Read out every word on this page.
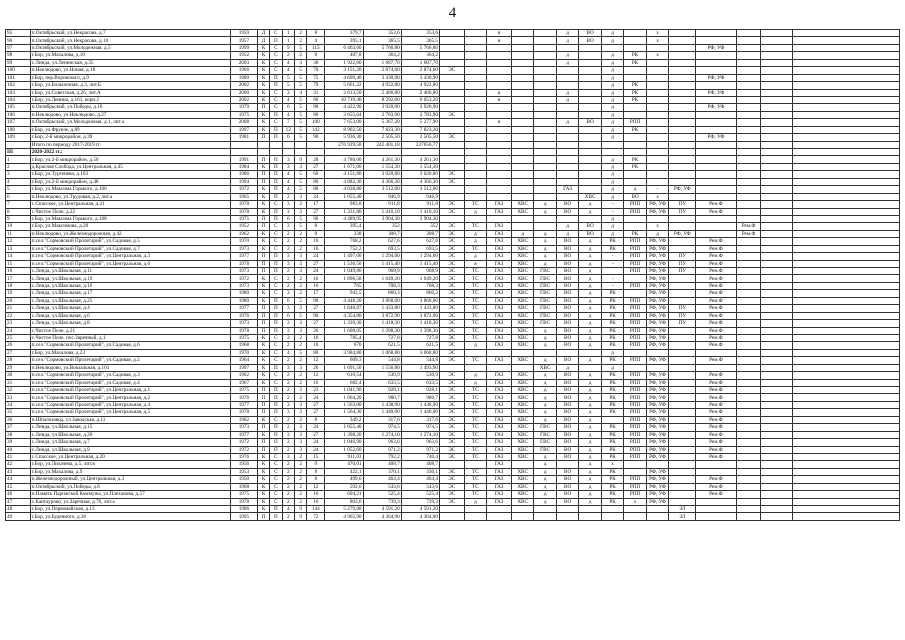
4
95	п.Октябрьский, ул.Некрасова, д.7	1959	Д	С	1	2	8	379,7	353,6	353,6			я			д	ВО	д		х					
96	п.Октябрьский, ул.Некрасова, д.10	1957	Д	П	1	2	4	395,1	365,5	365,5			я			д	ВО	д		х					
97	п.Октябрьский, ул.Молодежная, д.5	1999	К	С	9	5	115	6 463,60	5 766,80	5 766,80												РФ, УФ			
98	г.Бор, ул.Махалова, д.10	1952	К	С	2	2	8	407,8	364,2	364,2						д		д	РК	х					
99	с.Линда, ул.Ленинская, д.35	2003	К	С	4	3	30	1 922,60	1 687,70	1 687,70						д		д	РК						
100	п.Неклюдово, ул.Ноная, д.18	1966	К	С	4	5	70	3 151,20	2 874,60	2 874,60	ЭС							д							
101	г.Бор, пер.Воровского, д.9	1980	К	П	5	5	75	4 609,40	3 430,90	3 430,90								д				РФ, УФ			
102	г.Бор, ул.Больничная, д.3, лит.Б	2002	К	П	5	5	79	5 661,22	4 922,80	4 922,80								д	РК						
103	г.Бор, ул.Советская, д.26, лит.А	2000	К	С	3	4	31	2 613,50	2 466,80	2 466,80			я			д		д	РК			РФ, УФ			
104	г.Бор, ул.Ленина, д.161, корп.2	2002	К	С	4	5	60	10 719,40	8 292,00	6 053,20			я			д		д	РК						
105	п.Октябрьский, ул.Победы, д.16	1979	П	С	6	5	90	4 422,90	3 920,90	3 920,90								д				РФ, УФ			
106	п.Неклюдово, ул.Неклюдово, д.27	1975	К	П	4	5	80	3 655,64	2 783,90	2 783,90	ЭС							д							
107	п.Октябрьский, ул.Молодежная, д.1, лит.а	2008	К	С	7	5	100	7 653,00	5 367,20	5 277,90			я			д	ВО	д	РПП						
108	г.Бор, ул.Фрунзе, д.89	1997	К	П	12	5	142	8 902,50	7 823,30	7 823,30								д	РК						
109	г.Бор, 2-й микрорайон, д.39	1981	П	П	6	5	90	5 936,30	2 505,50	2 505,50	ЭС							д				РФ, УФ			
	Итого по периоду 2017-2019 гг.							276 929,58	242 401,18	237656,77															
III	2020-2022 гг.:																								
1	г.Бор, ул.2-й микрорайон, д.50	1991	П	П	3	9	28	4 786,00	4 261,30	4 261,30								д	РК						
2	д.Красная Слобода, ул.Центральная, д.45	1984	К	П	3	3	27	1 671,00	1 554,30	1 554,30								д	РК						
3	г.Бор, ул.Тургенева, д.103	1986	П	П	4	5	60	4 151,80	3 020,80	3 020,80	ЭС							д							
4	г.Бор, ул.2-й микрорайон, д.48	1994	П	П	4	5	80	4 882,30	4 366,30	4 366,30	ЭС							д							
5	г.Бор, ул.Максима Горького, д.106	1972	К	П	4	5	80	4 038,80	3 512,00	3 512,00						ГАЗ		д	д	-	РФ, УФ				
6	п.Неклюдово, ул.Трудовая, д.2, лит.а	1965	К	П	2	3	24	1 055,40	946,9	946,9							ХВС	д	ВО	х					
7	с.Спасское, ул.Центральная, д.21	1978	К	С	3	2	17	983,8	911,8	911,8	ЭС	ТС	ГАЗ	ХВС	д	ВО	д	-	РПП	РФ, УФ	ПУ	Рем.Ф			
8	с.Чистое Поле, д.22	1978	К	П	3	3	27	1 331,80	1 410,10	1 410,10	ЭС	д	ГАЗ	ХВС	д	ВО	д	-	РПП	РФ, УФ	ПУ	Рем.Ф			
9	г.Бор, ул.Максима Горького, д.108	1975	П	П	6	5	90	4 489,95	3 904,30	3 904,30								д							
10	г.Бор, ул.Максимова, д.20	1952	П	С	3	5	8	395,4	352	352	ЭС	ТС	ГАЗ			д	ВО	д		х			Рем.Ф		
11	п.Неклюдово, ул.Железнодорожная, д.42	1962	К	С	2	2	8	338	308,7	308,7	ЭС	д	ГАЗ	д	д	д	ВО	д	РК	д	РФ, УФ		Рем.Ф		
12	п.сел."Сормовский Пролетарий", ул.Садовая, д.5	1970	К	С	2	2	16	768,2	627,6	627,6	ЭС	д	ГАЗ	ХВС	д	ВО	д	РК	РПП	РФ, УФ		Рем.Ф			
13	п.сел."Сормовский Пролетарий", ул.Садовая, д.7	1973	К	С	2	2	16	752,2	693,5	693,5	ЭС	ТС	ГАЗ	ХВС	д	ВО	д	РК	РПП	РФ, УФ		Рем.Ф			
14	п.сел."Сормовский Пролетарий", ул.Центральная, д.3	1977	П	П	3	3	24	1 497,00	1 294,00	1 294,00	ЭС	д	ГАЗ	ХВС	д	ВО	д	-	РПП	РФ, УФ	ПУ	Рем.Ф			
15	п.сел."Сормовский Пролетарий", ул.Центральная, д.6	1978	П	П	3	3	27	1 536,50	1 415,40	1 415,40	ЭС	я	ГАЗ	ХВС	д	ВО	д	-	РПП	РФ, УФ	ПУ	Рем.Ф			
16	с.Линда, ул.Школьная, д.11	1973	П	П	2	3	24	1 049,80	968,9	968,9	ЭС	ТС	ГАЗ	ХВС	ГВС	ВО	д		РПП	РФ, УФ	ПУ	Рем.Ф			
17	с.Линда, ул.Школьная, д.19	1972	К	С	2	2	16	1 896,58	1 649,20	1 649,20	ЭС	ТС	ГАЗ	ХВС	ГВС	ВО	д	-		РФ, УФ		Рем.Ф			
18	с.Линда, ул.Школьная, д.16	1973	К	С	2	2	16	765	708,3	708,3	ЭС	ТС	ГАЗ	ХВС	ГВС	ВО	д	-	РПП	РФ, УФ		Рем.Ф			
19	с.Линда, ул.Школьная, д.17	1980	К	С	3	2	17	942,5	860,3	860,3	ЭС	ТС	ГАЗ	ХВС	ГВС	ВО	д	РК		РФ, УФ		Рем.Ф			
20	с.Линда, ул.Школьная, д.25	1980	К	П	6	5	90	4 448,20	3 868,00	3 868,00	ЭС	ТС	ГАЗ	ХВС	ГВС	ВО	д	РК	РПП	РФ, УФ		Рем.Ф			
21	с.Линда, ул.Школьная, д.4	1977	П	П	3	3	27	1 648,87	1 433,80	1 433,80	ЭС	ТС	ГАЗ	ХВС	ГВС	ВО	д	РК	РПП	РФ, УФ	ПУ	Рем.Ф			
22	с.Линда, ул.Школьная, д.6	1976	П	П	6	5	90	4 354,80	3 872,90	3 872,90	ЭС	ТС	ГАЗ	ХВС	ГВС	ВО	д	РК	РПП	РФ, УФ	ПУ	Рем.Ф			
23	с.Линда, ул.Школьная, д.8	1973	П	П	3	3	27	1 339,30	1 418,30	1 418,30	ЭС	ТС	ГАЗ	ХВС	ГВС	ВО	д	РК	РПП	РФ, УФ	ПУ	Рем.Ф			
24	с.Чистое Поле, д.21	1978	П	П	3	3	26	1 608,05	1 398,30	1 398,30	ЭС	ТС	ГАЗ	ХВС	д	ВО	д	РК	РПП	РФ, УФ		Рем.Ф			
25	с.Чистое Поле, пос.Заречный, д.1	1975	К	С	3	2	16	785,4	727,8	727,8	ЭС	ТС	ГАЗ	ХВС	д	ВО	д	РК	РПП	РФ, УФ		Рем.Ф			
26	п.сел."Сормовский Пролетарий", ул.Садовая, д.6	1968	К	С	2	2	16	670	621,5	621,5	ЭС	д	ГАЗ	ХВС	д	ВО	д	РК	РПП	РФ, УФ		Рем.Ф			
27	г.Бор, ул.Махалова, д.23	1970	К	С	4	5	80	3 984,80	1 068,80	3 068,80	ЭС							д							
28	п.сел."Сормовский Пролетарий", ул.Садовая, д.2	1964	К	С	2	2	12	609,3	544,8	544,8	ЭС	ТС	ГАЗ	ХВС	д	ВО	д	РК	РПП	РФ, УФ		Рем.Ф			
29	п.Неклюдово, ул.Вокзальная, д.101	1997	К	П	3	3	26	1 691,50	1 556,80	1 493,90					ХВС	д		д							
30	п.сел."Сормовский Пролетарий", ул.Садовая, д.3	1962	К	С	2	2	12	610,54	530,9	530,9	ЭС	д	ГАЗ	ХВС	д	ВО	д	РК	РПП	РФ, УФ		Рем.Ф			
31	п.сел."Сормовский Пролетарий", ул.Садовая, д.4	1967	К	С	2	2	16	682,4	633,5	633,5	ЭС	д	ГАЗ	ХВС	д	ВО	д	РК	РПП	РФ, УФ		Рем.Ф			
32	п.сел."Сормовский Пролетарий", ул.Центральная, д.1	1975	П	П	2	3	23	1 041,90	928,1	928,1	ЭС	ТС	ГАЗ	ХВС	д	ВО	д	РК	РПП	РФ, УФ		Рем.Ф			
33	п.сел."Сормовский Пролетарий", ул.Центральная, д.2	1976	П	П	2	2	24	1 064,20	980,7	980,7	ЭС	ТС	ГАЗ	ХВС	д	ВО	д	РК	РПП	РФ, УФ		Рем.Ф			
34	п.сел."Сормовский Пролетарий", ул.Центральная, д.4	1977	П	П	3	3	27	1 563,00	1 438,90	1 438,90	ЭС	ТС	ГАЗ	ХВС	д	ВО	д	РК	РПП	РФ, УФ		Рем.Ф			
35	п.сел."Сормовский Пролетарий", ул.Центральная, д.5	1978	П	П	3	3	27	1 564,30	1 440,00	1 440,00	ЭС	ТС	ГАЗ	ХВС	д	ВО	д	РК	РПП	РФ, УФ		Рем.Ф			
36	п.Шпалозавод, ул.Заводская, д.11	1962	К	С	2	2	8	349,2	317,6	317,6	ЭС	ТС	ГАЗ	ХВС	д	ВО	д		РПП	РФ, УФ		Рем.Ф			
37	с.Линда, ул.Школьная, д.15	1973	П	П	2	3	24	1 055,40	974,5	974,5	ЭС	ТС	ГАЗ	ХВС	ГВС	ВО	д	РК	РПП	РФ, УФ		Рем.Ф			
38	с.Линда, ул.Школьная, д.20	1977	К	П	3	3	27	1 398,20	1 274,10	1 274,10	ЭС	ТС	ГАЗ	ХВС	ГВС	ВО	д	РК	РПП	РФ, УФ		Рем.Ф			
39	с.Линда, ул.Школьная, д.7	1972	П	П	2	3	24	1 046,90	963,6	963,6	ЭС	ТС	ГАЗ	ХВС	ГВС	ВО	д	РК	РПП	РФ, УФ		Рем.Ф			
40	с.Линда, ул.Школьная, д.9	1972	П	П	2	3	24	1 052,60	971,2	971,2	ЭС	ТС	ГАЗ	ХВС	ГВС	ВО	д	РК	РПП	РФ, УФ		Рем.Ф			
41	с.Спасское, ул.Центральная, д.20	1976	К	С	3	2	15	911,03	792,2	740,4	ЭС	ТС	ГАЗ	ХВС	д	ВО	д	РК	РПП	РФ, УФ		Рем.Ф			
42	г.Бор, ул.Лихачева, д.5, лит.в	1956	К	С	2	2	9	470,01	408,7	408,7			ГАЗ		д		д	х							
43	г.Бор, ул.Махалова, д.9	1953	К	С	2	2	8	422,1	370,1	330,1	ЭС	ТС	ГАЗ	ХВС	д	ВО	д	РК		РФ, УФ					
44	п.Железнодорожный, ул.Центральная, д.3	1950	К	С	2	2	8	499,6	464,4	464,4	ЭС	ТС	ГАЗ	ХВС	д	ВО	д	РК	РПП	РФ, УФ		Рем.Ф			
45	п.Октябрьский, ул.Победы, д.8	1968	К	С	2	2	12	592,6	543,6	543,6	ЭС	ТС	ГАЗ	ХВС	д	ВО	д	РК	РПП	РФ, УФ		Рем.Ф			
46	п.Память Парижской Коммуны, ул.Плеханова, д.57	1975	К	С	2	2	16	604,21	525,4	525,4	ЭС	ТС	ГАЗ	ХВС	д	ВО	д	РК	РПП	РФ, УФ		Рем.Ф			
47	с.Кантаурово, ул.Заречная, д.76, лит.а	1978	К	С	2	2	16	803,6	739,3	739,3	ЭС	д	ГАЗ	ХВС	д	ВО	д	РК	х	РФ, УФ					
48	г.Бор, ул.Первомайская, д.13	1986	К	П	4	9	144	5 279,88	4 591,20	4 591,20											ЗЛ				
49	г.Бор, ул.Буденного, д.36	1995	П	П	2	9	72	4 965,90	4 364,90	4 364,90											ЗЛ				
